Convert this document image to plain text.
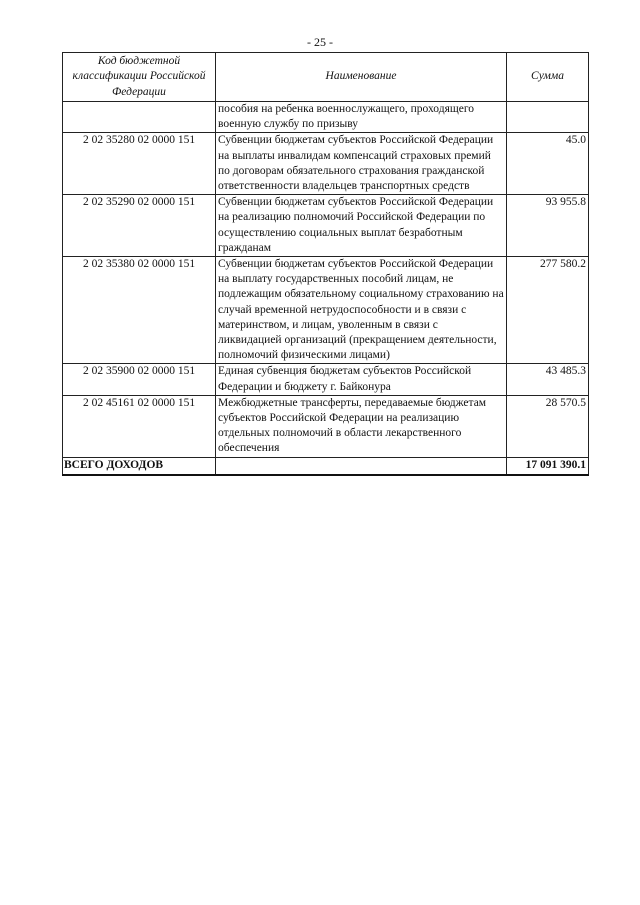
- 25 -
Код бюджетной классификации Российской Федерации	Наименование	Сумма
	пособия на ребенка военнослужащего, проходящего военную службу по призыву	
2 02 35280 02 0000 151	Субвенции бюджетам субъектов Российской Федерации на выплаты инвалидам компенсаций страховых премий по договорам обязательного страхования гражданской ответственности владельцев транспортных средств	45.0
2 02 35290 02 0000 151	Субвенции бюджетам субъектов Российской Федерации на реализацию полномочий Российской Федерации по осуществлению социальных выплат безработным гражданам	93 955.8
2 02 35380 02 0000 151	Субвенции бюджетам субъектов Российской Федерации на выплату государственных пособий лицам, не подлежащим обязательному социальному страхованию на случай временной нетрудоспособности и в связи с материнством, и лицам, уволенным в связи с ликвидацией организаций (прекращением деятельности, полномочий физическими лицами)	277 580.2
2 02 35900 02 0000 151	Единая субвенция бюджетам субъектов Российской Федерации и бюджету г. Байконура	43 485.3
2 02 45161 02 0000 151	Межбюджетные трансферты, передаваемые бюджетам субъектов Российской Федерации на реализацию отдельных полномочий в области лекарственного обеспечения	28 570.5
ВСЕГО ДОХОДОВ		17 091 390.1
